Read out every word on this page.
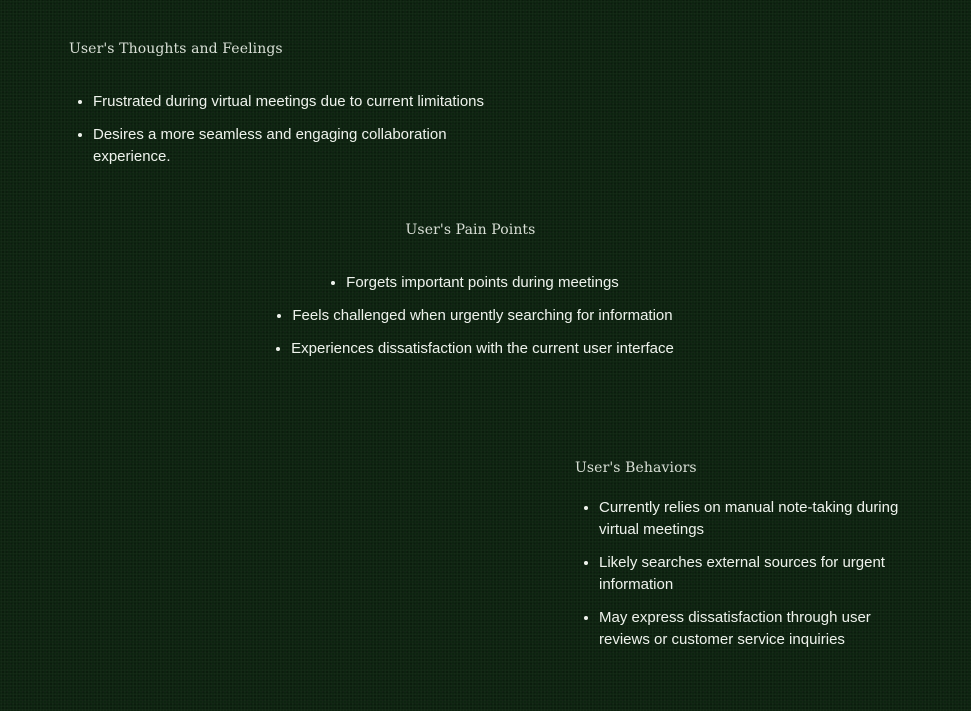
User's Thoughts and Feelings
Frustrated during virtual meetings due to current limitations
Desires a more seamless and engaging collaboration experience.
User's Pain Points
Forgets important points during meetings
Feels challenged when urgently searching for information
Experiences dissatisfaction with the current user interface
User's Behaviors
Currently relies on manual note-taking during virtual meetings
Likely searches external sources for urgent information
May express dissatisfaction through user reviews or customer service inquiries
